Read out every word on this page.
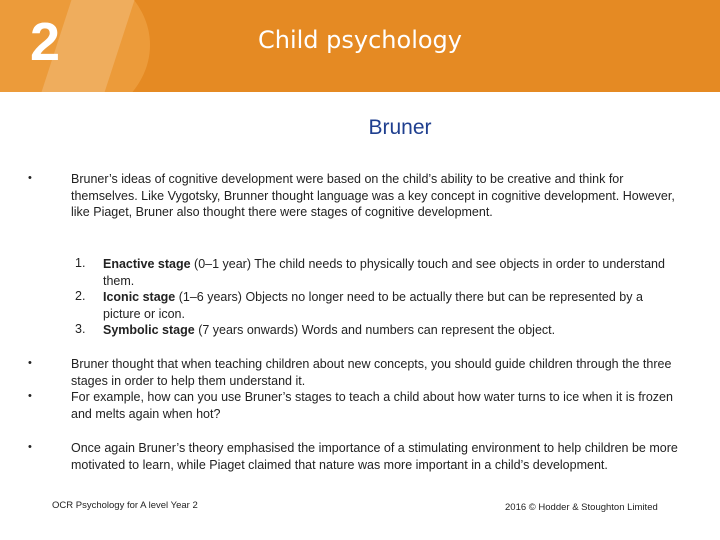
2	Child psychology
Bruner
•	Bruner’s ideas of cognitive development were based on the child’s ability to be creative and think for themselves. Like Vygotsky, Brunner thought language was a key concept in cognitive development. However, like Piaget, Bruner also thought there were stages of cognitive development.
1. Enactive stage (0–1 year) The child needs to physically touch and see objects in order to understand them.
2. Iconic stage (1–6 years) Objects no longer need to be actually there but can be represented by a picture or icon.
3. Symbolic stage (7 years onwards) Words and numbers can represent the object.
•	Bruner thought that when teaching children about new concepts, you should guide children through the three stages in order to help them understand it.
•	For example, how can you use Bruner’s stages to teach a child about how water turns to ice when it is frozen and melts again when hot?
•	Once again Bruner’s theory emphasised the importance of a stimulating environment to help children be more motivated to learn, while Piaget claimed that nature was more important in a child’s development.
OCR Psychology for A level Year 2	2016 © Hodder & Stoughton Limited
